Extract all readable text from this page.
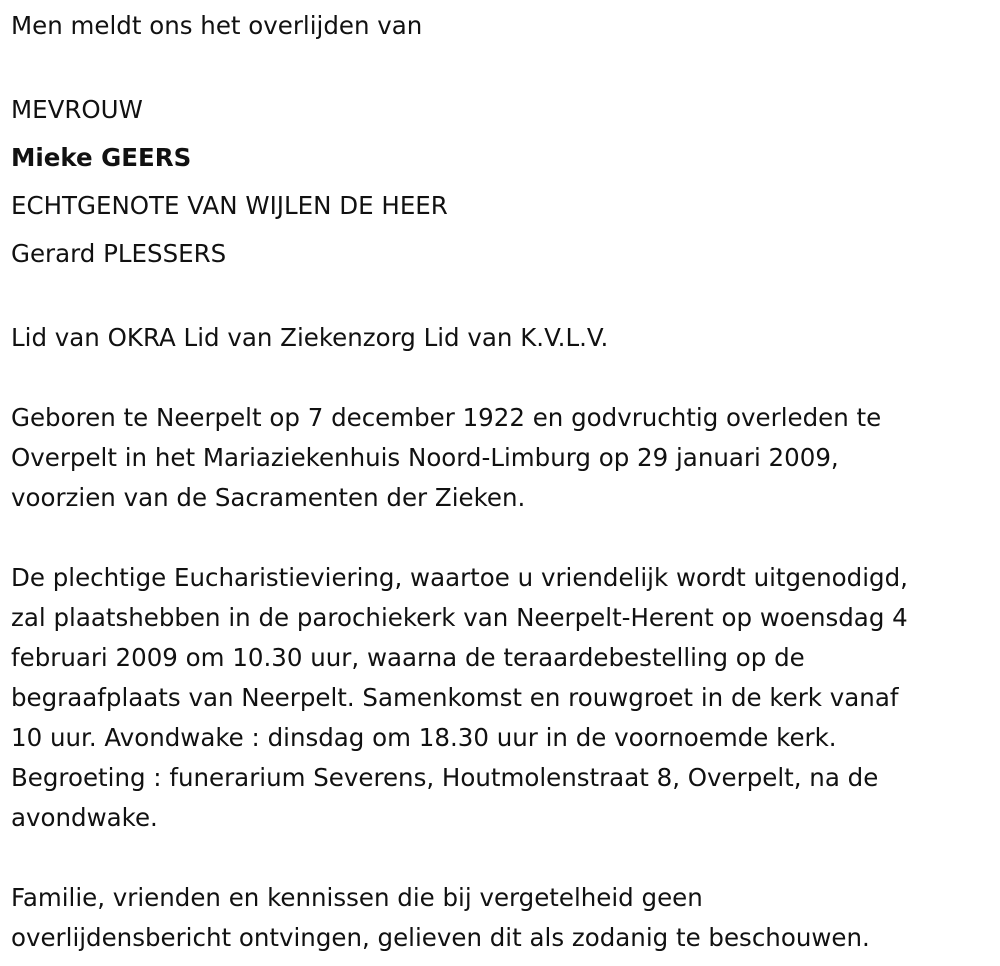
Men meldt ons het overlijden van
MEVROUW
Mieke GEERS
ECHTGENOTE VAN WIJLEN DE HEER
Gerard PLESSERS
Lid van OKRA Lid van Ziekenzorg Lid van K.V.L.V.
Geboren te Neerpelt op 7 december 1922 en godvruchtig overleden te
Overpelt in het Mariaziekenhuis Noord-Limburg op 29 januari 2009,
voorzien van de Sacramenten der Zieken.
De plechtige Eucharistieviering, waartoe u vriendelijk wordt uitgenodigd,
zal plaatshebben in de parochiekerk van Neerpelt-Herent op woensdag 4
februari 2009 om 10.30 uur, waarna de teraardebestelling op de
begraafplaats van Neerpelt. Samenkomst en rouwgroet in de kerk vanaf
10 uur. Avondwake : dinsdag om 18.30 uur in de voornoemde kerk.
Begroeting : funerarium Severens, Houtmolenstraat 8, Overpelt, na de
avondwake.
Familie, vrienden en kennissen die bij vergetelheid geen
overlijdensbericht ontvingen, gelieven dit als zodanig te beschouwen.
